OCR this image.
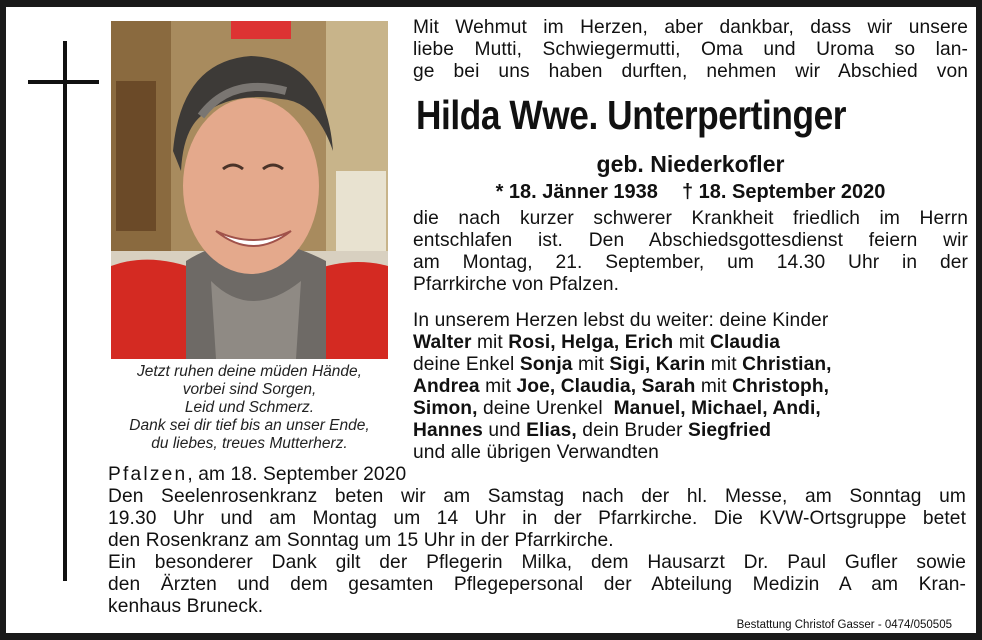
Jetzt ruhen deine müden Hände,
vorbei sind Sorgen,
Leid und Schmerz.
Dank sei dir tief bis an unser Ende,
du liebes, treues Mutterherz.
Mit Wehmut im Herzen, aber dankbar, dass wir unsere
liebe Mutti, Schwiegermutti, Oma und Uroma so lan-
ge bei uns haben durften, nehmen wir Abschied von
Hilda Wwe. Unterpertinger
geb. Niederkofler
* 18. Jänner 1938 † 18. September 2020
die nach kurzer schwerer Krankheit friedlich im Herrn
entschlafen ist. Den Abschiedsgottesdienst feiern wir
am Montag, 21. September, um 14.30 Uhr in der
Pfarrkirche von Pfalzen.
In unserem Herzen lebst du weiter: deine Kinder
Walter mit Rosi, Helga, Erich mit Claudia
deine Enkel Sonja mit Sigi, Karin mit Christian,
Andrea mit Joe, Claudia, Sarah mit Christoph,
Simon, deine Urenkel Manuel, Michael, Andi,
Hannes und Elias, dein Bruder Siegfried
und alle übrigen Verwandten
Pfalzen, am 18. September 2020
Den Seelenrosenkranz beten wir am Samstag nach der hl. Messe, am Sonntag um
19.30 Uhr und am Montag um 14 Uhr in der Pfarrkirche. Die KVW-Ortsgruppe betet
den Rosenkranz am Sonntag um 15 Uhr in der Pfarrkirche.
Ein besonderer Dank gilt der Pflegerin Milka, dem Hausarzt Dr. Paul Gufler sowie
den Ärzten und dem gesamten Pflegepersonal der Abteilung Medizin A am Kran-
kenhaus Bruneck.
Bestattung Christof Gasser - 0474/050505
